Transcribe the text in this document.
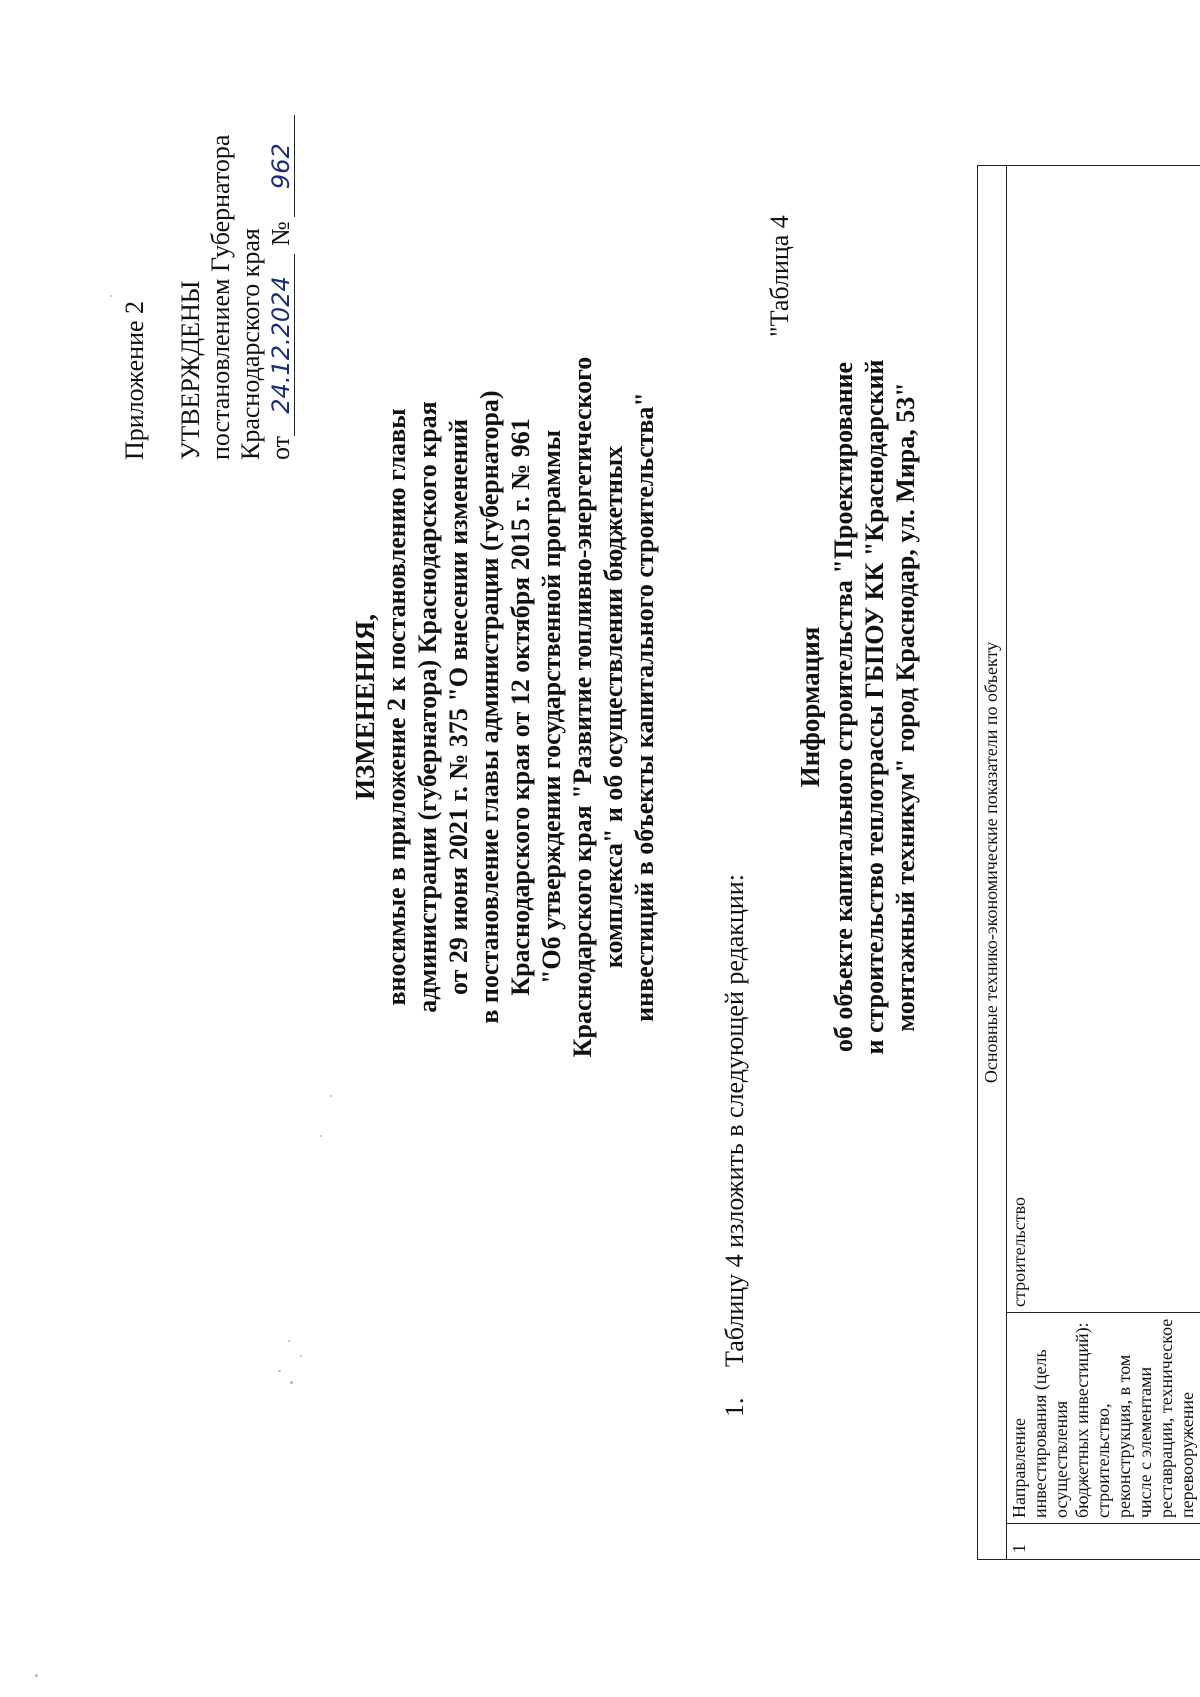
Приложение 2 УТВЕРЖДЕНЫ постановлением Губернатора Краснодарского края от24.12.2024№962
ИЗМЕНЕНИЯ, вносимые в приложение 2 к постановлению главы администрации (губернатора) Краснодарского края от 29 июня 2021 г. № 375 "О внесении изменений в постановление главы администрации (губернатора) Краснодарского края от 12 октября 2015 г. № 961 "Об утверждении государственной программы Краснодарского края "Развитие топливно-энергетического комплекса" и об осуществлении бюджетных инвестиций в объекты капитального строительства"
1.Таблицу 4 изложить в следующей редакции:
"Таблица 4
Информация об объекте капитального строительства "Проектирование и строительство теплотрассы ГБПОУ КК "Краснодарский монтажный техникум" город Краснодар, ул. Мира, 53"	Основные технико-экономические показатели по объекту
1	Направление инвестирования (цель осуществления бюджетных инвестиций): строительство, реконструкция, в том числе с элементами реставрации, техническое перевооружение	строительство
